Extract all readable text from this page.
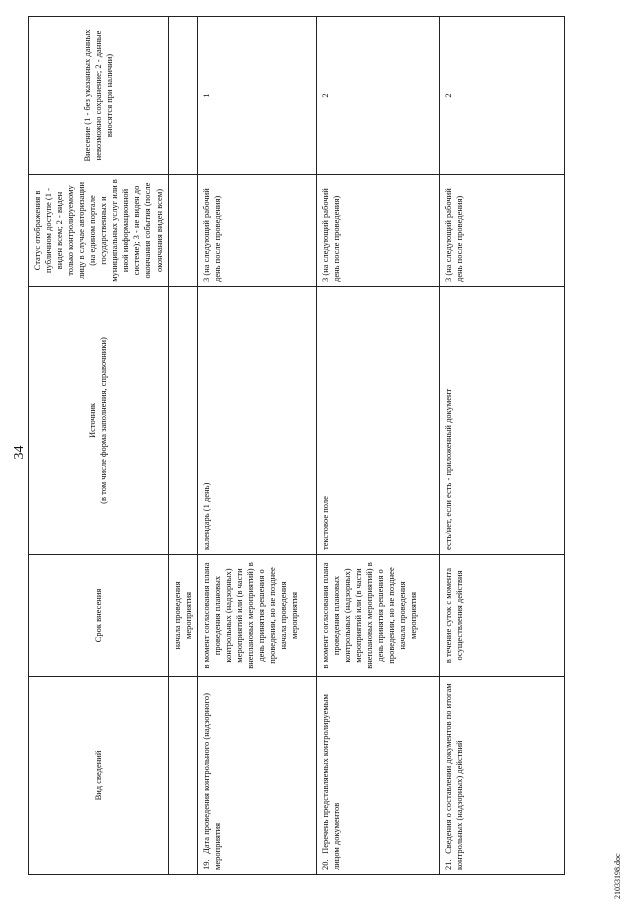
34
Вид сведений	Срок внесения	Источник (в том числе форма заполнения, справочники)	Статус отображения в публичном доступе (1 - виден всем; 2 - виден только контролируемому лицу в случае авторизации (на едином портале государственных и муниципальных услуг или в иной информационной системе); 3 - не виден до окончания события (после окончания виден всем)	Внесение (1 - без указанных данных невозможно сохранение; 2 - данные вносятся при наличии)
	начала проведения мероприятия			
19. Дата проведения контрольного (надзорного) мероприятия	в момент согласования плана проведения плановых контрольных (надзорных) мероприятий или (в части внеплановых мероприятий) в день принятия решения о проведении, но не позднее начала проведения мероприятия	календарь (1 день)	3 (на следующий рабочий день после проведения)	1
20. Перечень представляемых контролируемым лицом документов	в момент согласования плана проведения плановых контрольных (надзорных) мероприятий или (в части внеплановых мероприятий) в день принятия решения о проведении, но не позднее начала проведения мероприятия	текстовое поле	3 (на следующий рабочий день после проведения)	2
21. Сведения о составлении документов по итогам контрольных (надзорных) действий	в течение суток с момента осуществления действия	есть/нет, если есть - приложенный документ	3 (на следующий рабочий день после проведения)	2
21033198.doc
